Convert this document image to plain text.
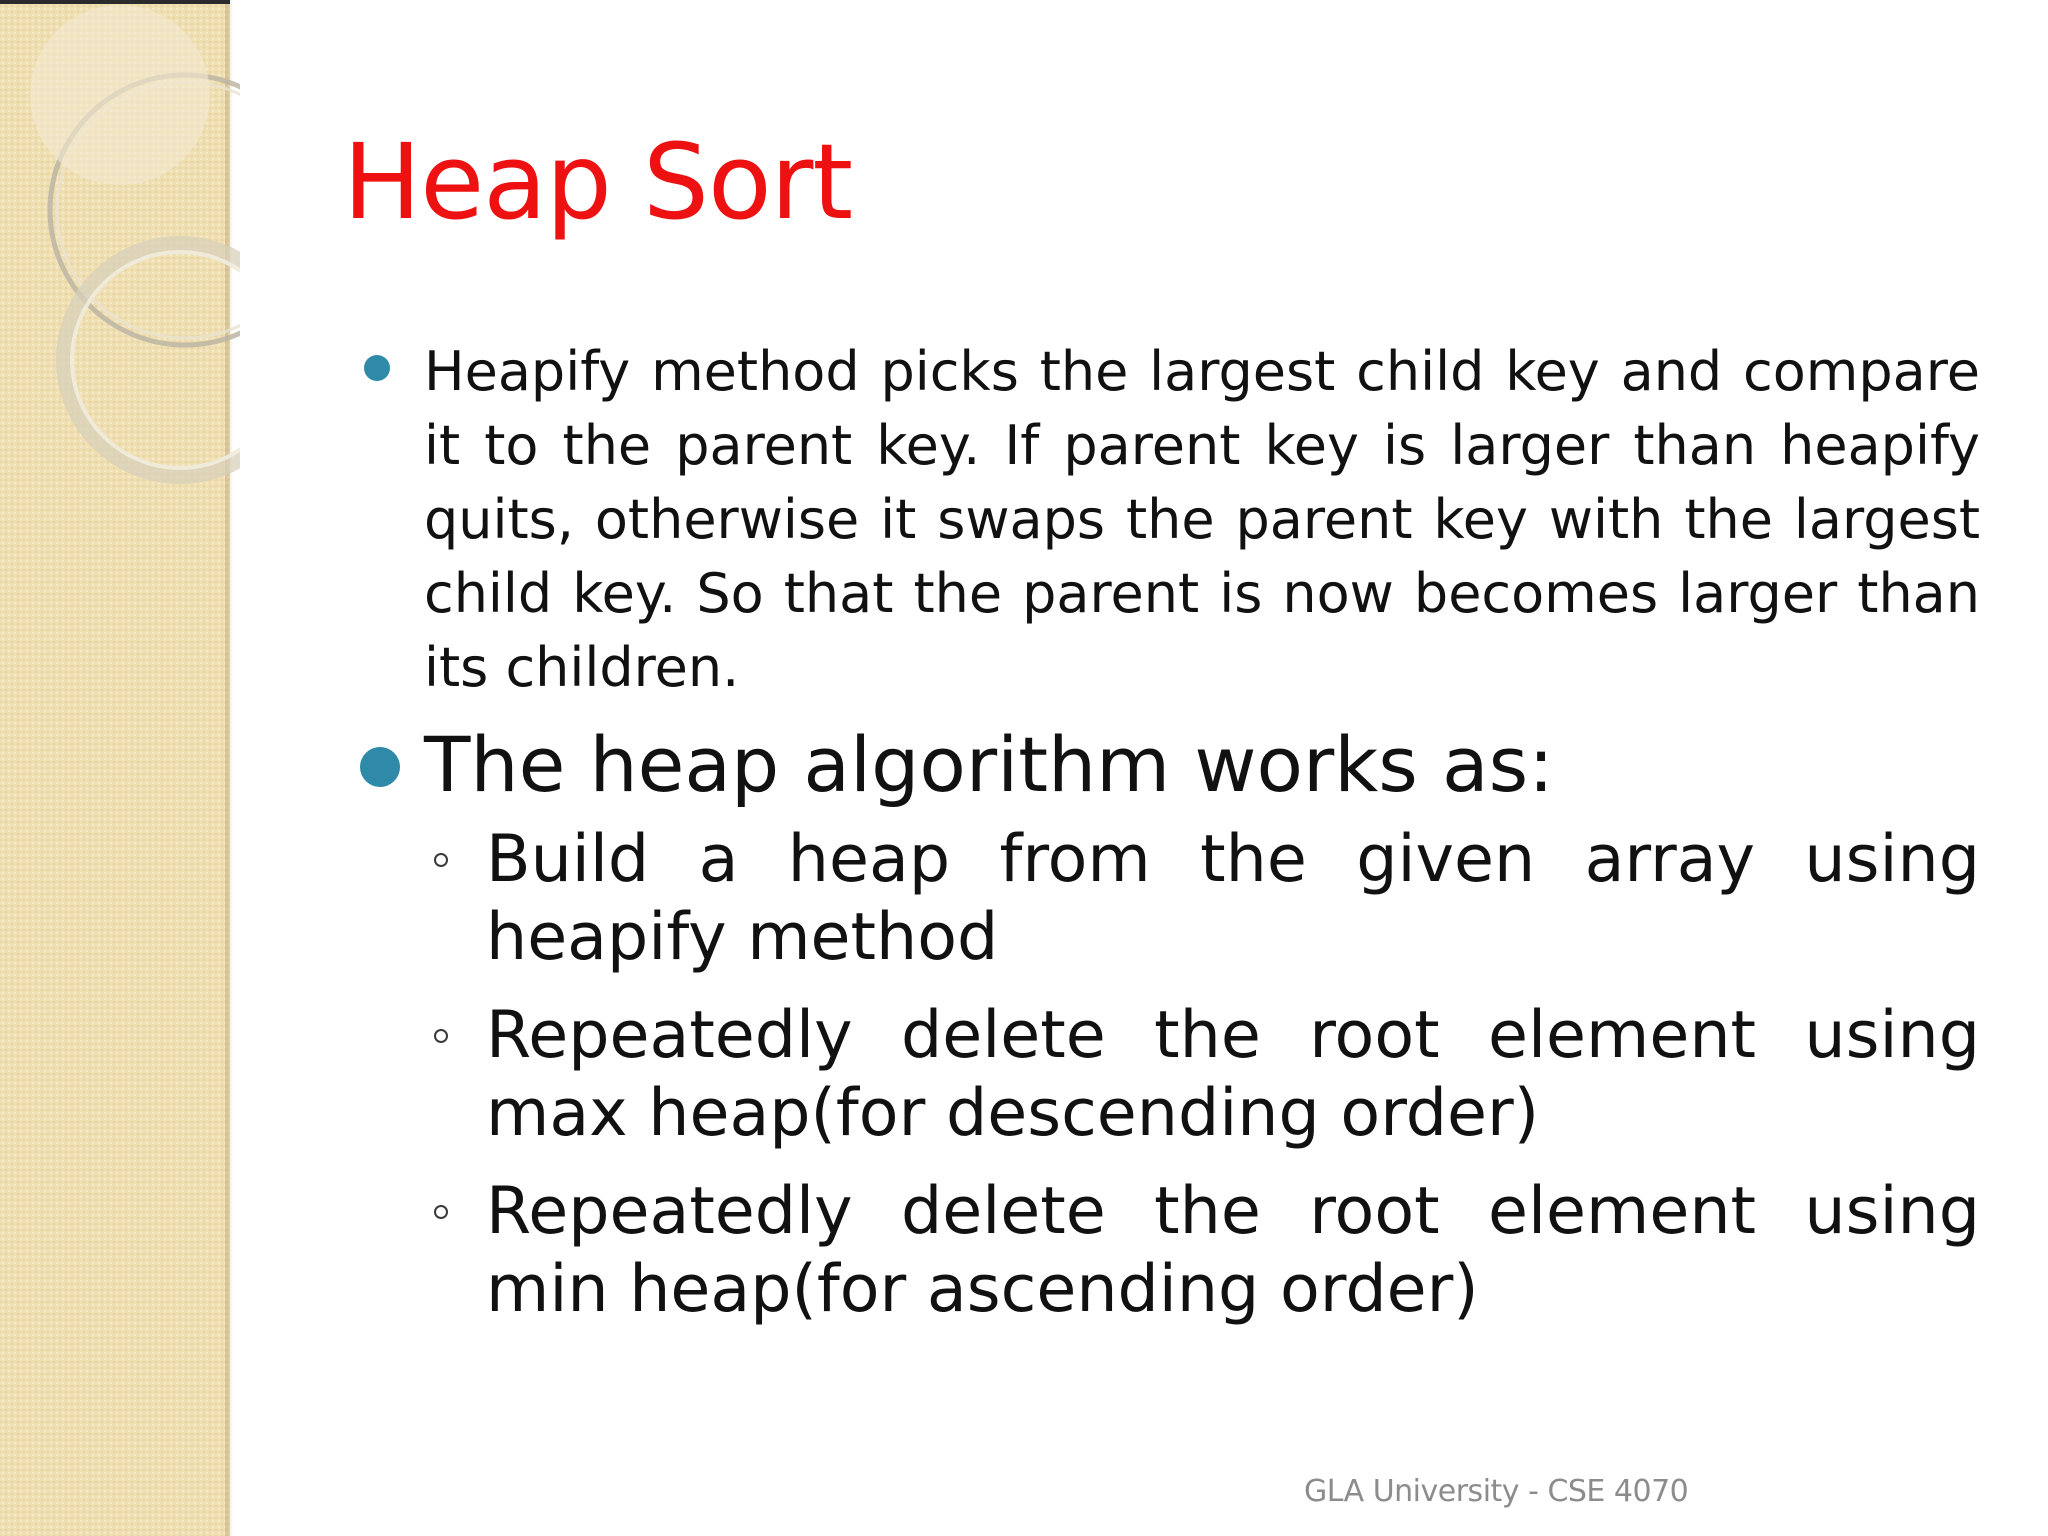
Heap Sort
Heapify method picks the largest child key and compare it to the parent key. If parent key is larger than heapify quits, otherwise it swaps the parent key with the largest child key. So that the parent is now becomes larger than its children.
The heap algorithm works as:
Build a heap from the given array using heapify method
Repeatedly delete the root element using max heap(for descending order)
Repeatedly delete the root element using min heap(for ascending order)
GLA University - CSE 4070
